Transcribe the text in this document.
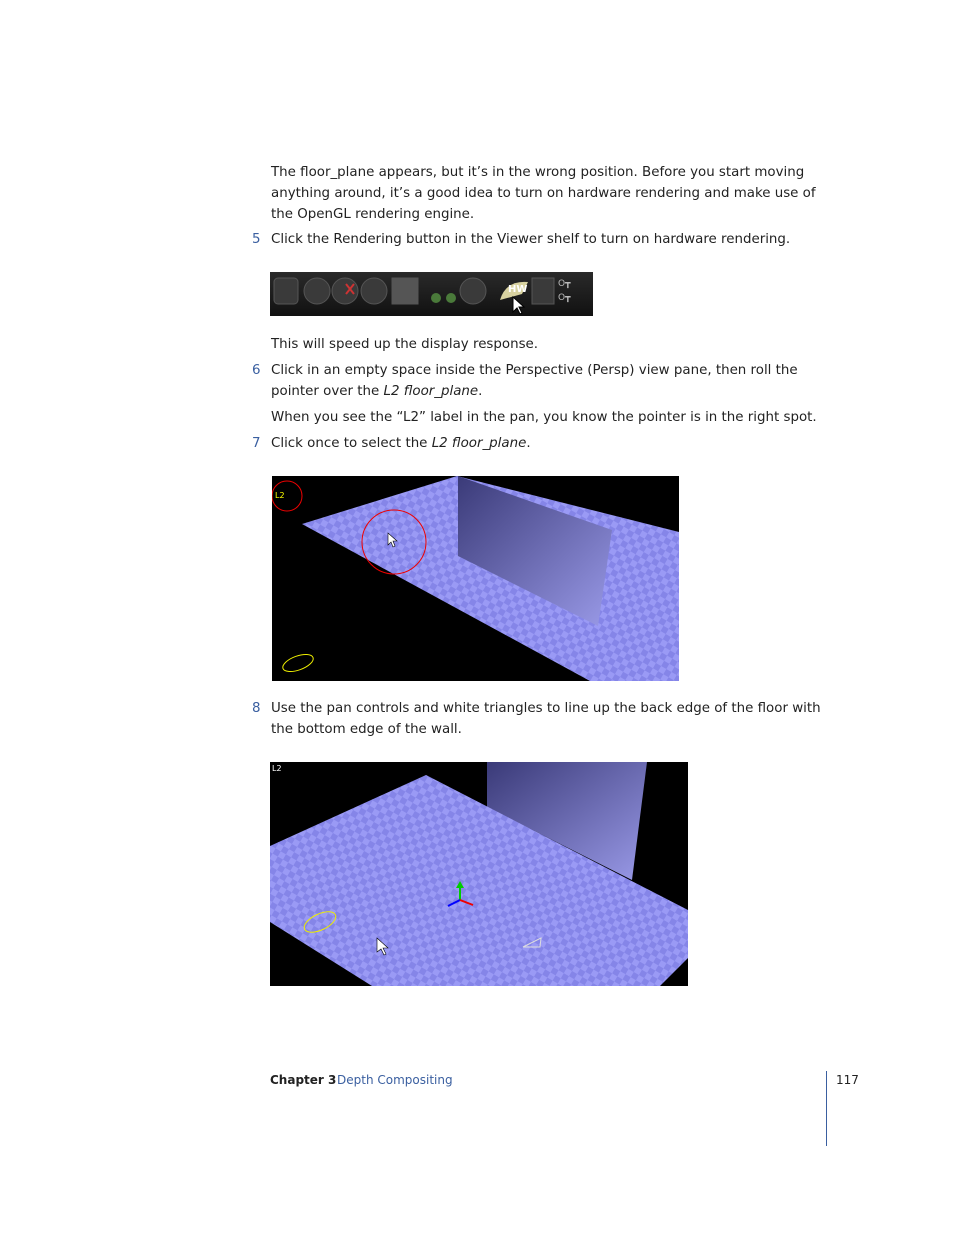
The floor_plane appears, but it’s in the wrong position. Before you start moving anything around, it’s a good idea to turn on hardware rendering and make use of the OpenGL rendering engine.

5 Click the Rendering button in the Viewer shelf to turn on hardware rendering.

HW	O┳
O┳

This will speed up the display response.

6 Click in an empty space inside the Perspective (Persp) view pane, then roll the pointer over the L2 floor_plane.

When you see the “L2” label in the pan, you know the pointer is in the right spot.

7 Click once to select the L2 floor_plane.

L2
8 Use the pan controls and white triangles to line up the back edge of the floor with the bottom edge of the wall.

L2
Chapter 3 Depth Compositing	117
